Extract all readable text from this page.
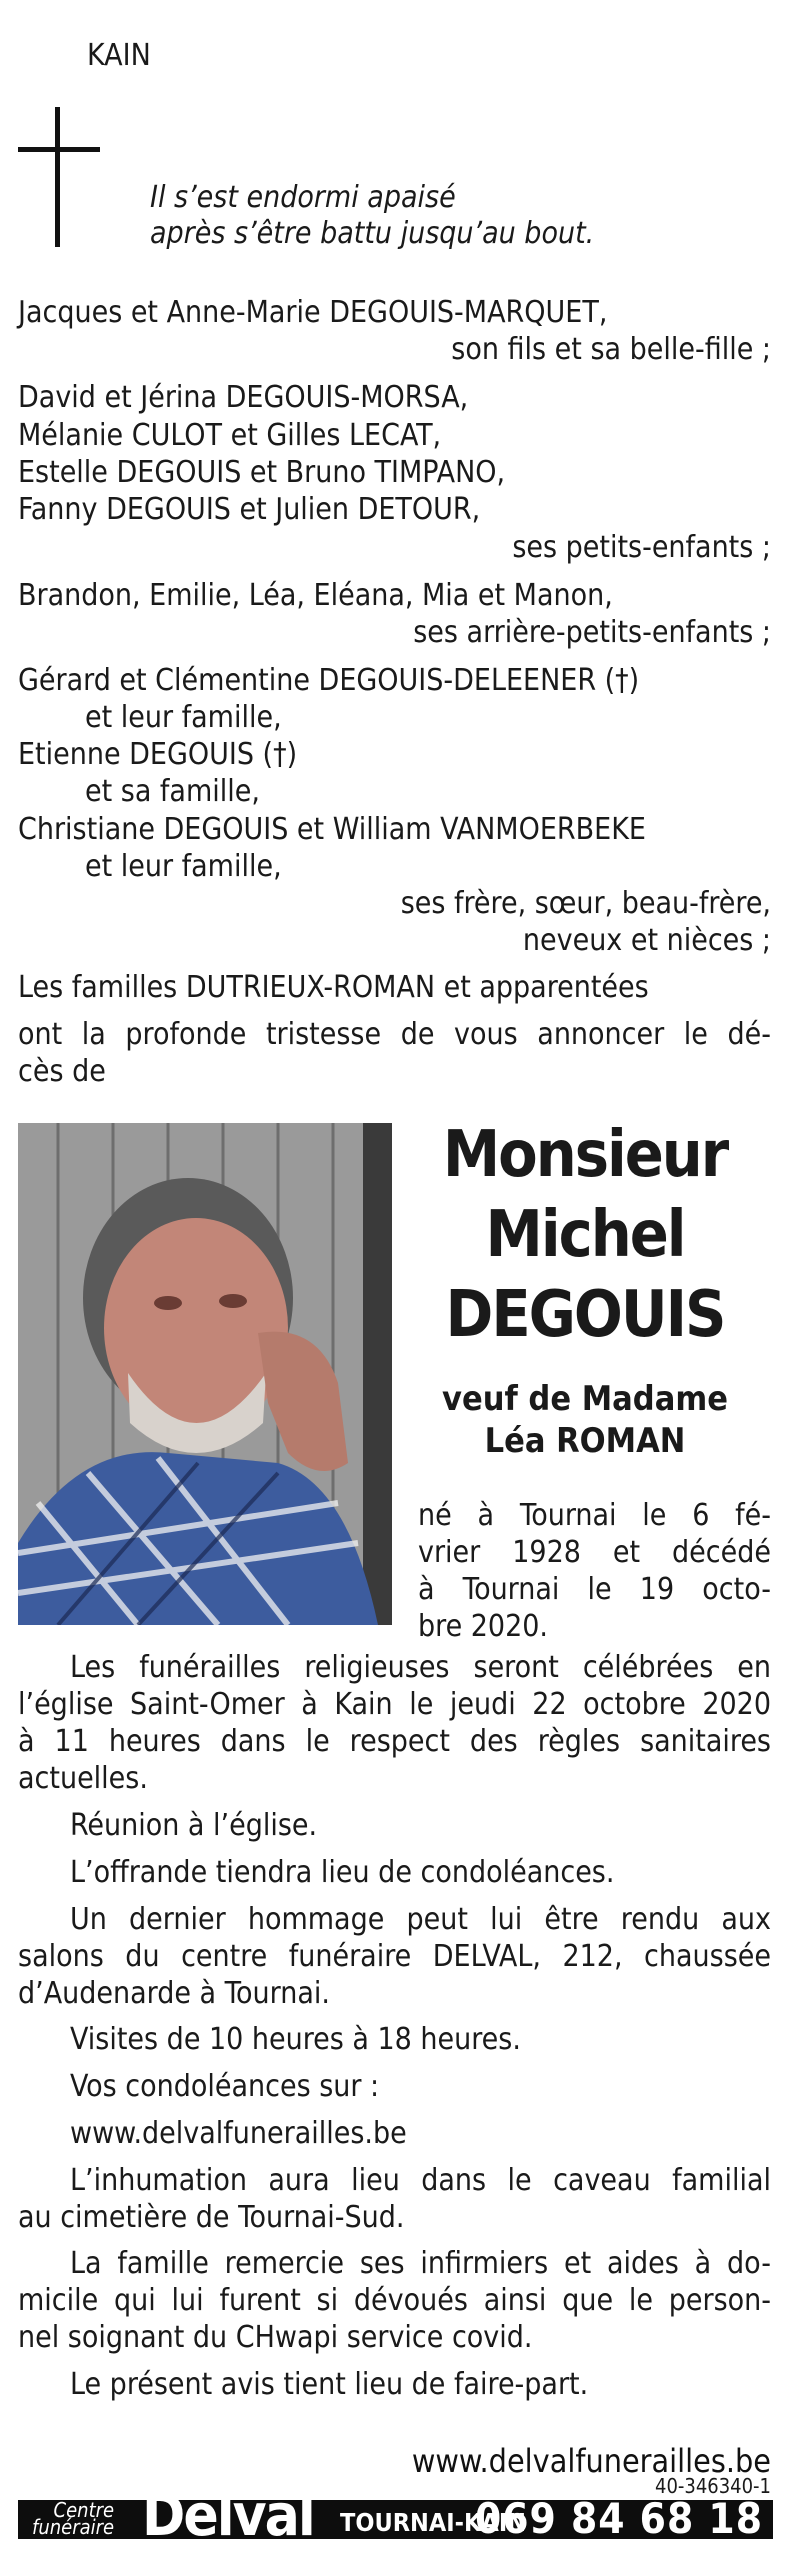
KAIN
Il s’est endormi apaisé
après s’être battu jusqu’au bout.
Jacques et Anne-Marie DEGOUIS-MARQUET,
son fils et sa belle-fille ;
David et Jérina DEGOUIS-MORSA,
Mélanie CULOT et Gilles LECAT,
Estelle DEGOUIS et Bruno TIMPANO,
Fanny DEGOUIS et Julien DETOUR,
ses petits-enfants ;
Brandon, Emilie, Léa, Eléana, Mia et Manon,
ses arrière-petits-enfants ;
Gérard et Clémentine DEGOUIS-DELEENER (†)
et leur famille,
Etienne DEGOUIS (†)
et sa famille,
Christiane DEGOUIS et William VANMOERBEKE
et leur famille,
ses frère, sœur, beau-frère,
neveux et nièces ;
Les familles DUTRIEUX-ROMAN et apparentées
ont la profonde tristesse de vous annoncer le dé-
cès de
Monsieur
Michel
DEGOUIS
veuf de Madame
Léa ROMAN
né à Tournai le 6 fé-
vrier 1928 et décédé
à Tournai le 19 octo-
bre 2020.
Les funérailles religieuses seront célébrées en
l’église Saint-Omer à Kain le jeudi 22 octobre 2020
à 11 heures dans le respect des règles sanitaires
actuelles.
Réunion à l’église.
L’offrande tiendra lieu de condoléances.
Un dernier hommage peut lui être rendu aux
salons du centre funéraire DELVAL, 212, chaussée
d’Audenarde à Tournai.
Visites de 10 heures à 18 heures.
Vos condoléances sur :
www.delvalfunerailles.be
L’inhumation aura lieu dans le caveau familial
au cimetière de Tournai-Sud.
La famille remercie ses infirmiers et aides à do-
micile qui lui furent si dévoués ainsi que le person-
nel soignant du CHwapi service covid.
Le présent avis tient lieu de faire-part.
40-346340-1
www.delvalfunerailles.be
Centre
funéraire Delval TOURNAI-KAIN
069 84 68 18
